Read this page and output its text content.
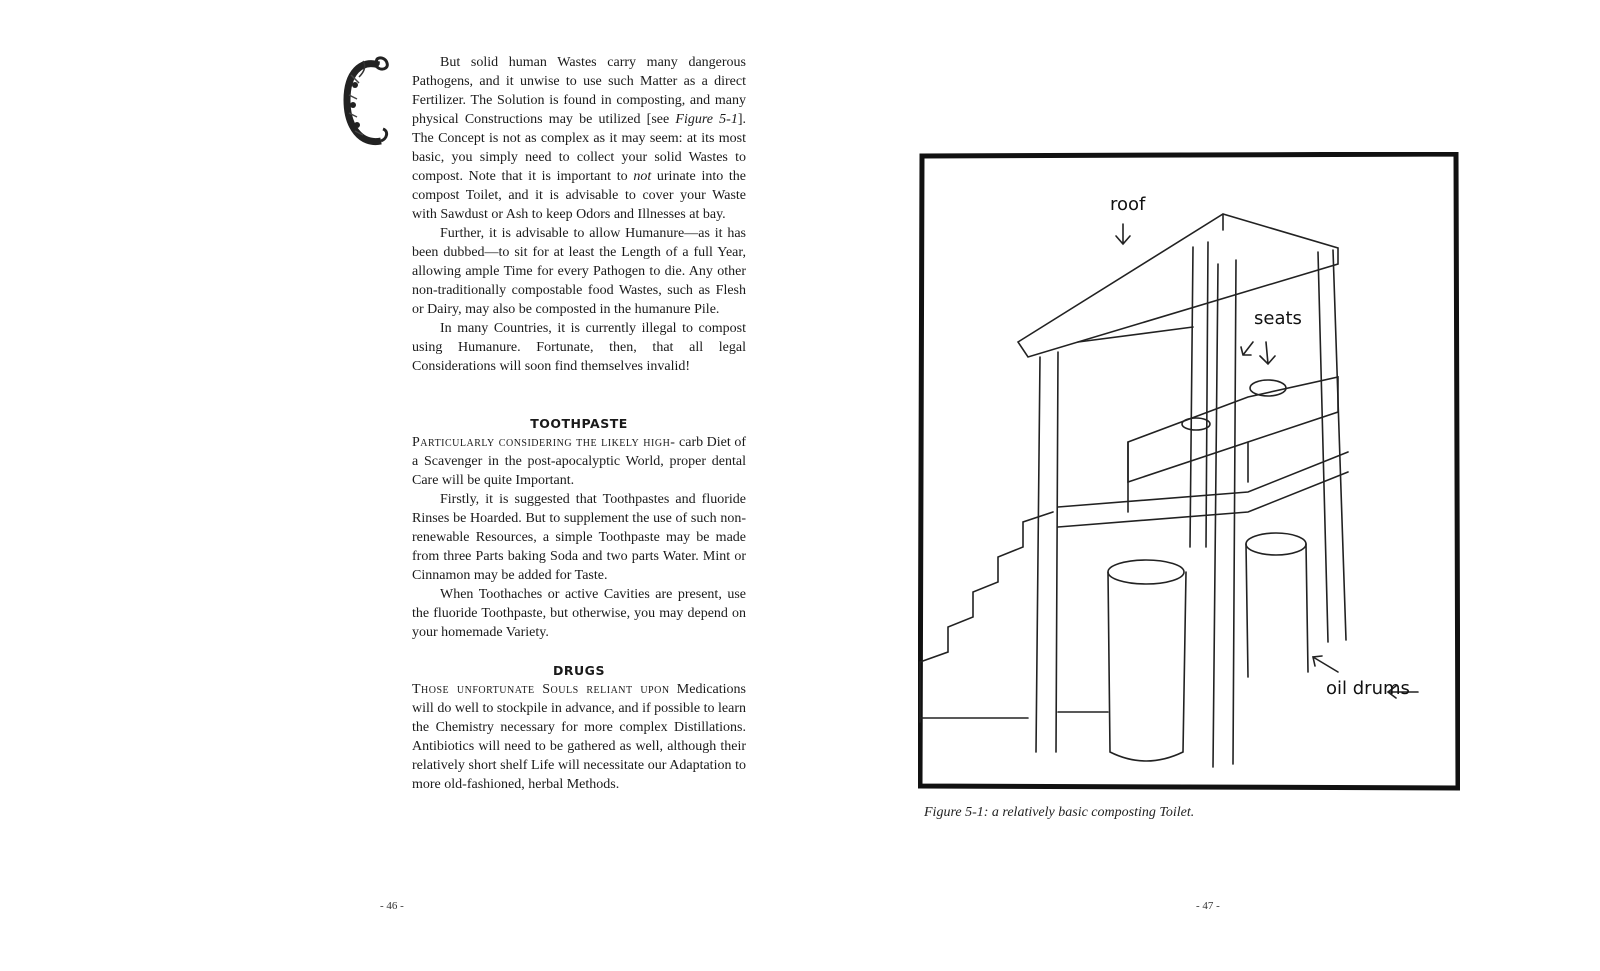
But solid human Wastes carry many dangerous Pathogens, and it unwise to use such Matter as a direct Fertilizer. The Solution is found in composting, and many physical Constructions may be utilized [see Figure 5-1]. The Concept is not as complex as it may seem: at its most basic, you simply need to collect your solid Wastes to compost. Note that it is important to not urinate into the compost Toilet, and it is advisable to cover your Waste with Sawdust or Ash to keep Odors and Illnesses at bay.

Further, it is advisable to allow Humanure—as it has been dubbed—to sit for at least the Length of a full Year, allowing ample Time for every Pathogen to die. Any other non-traditionally compostable food Wastes, such as Flesh or Dairy, may also be composted in the humanure Pile.

In many Countries, it is currently illegal to compost using Humanure. Fortunate, then, that all legal Considerations will soon find themselves invalid!

TOOTHPASTE

Particularly considering the likely high- carb Diet of a Scavenger in the post-apocalyptic World, proper dental Care will be quite Important.

Firstly, it is suggested that Toothpastes and fluoride Rinses be Hoarded. But to supplement the use of such non-renewable Resources, a simple Toothpaste may be made from three Parts baking Soda and two parts Water. Mint or Cinnamon may be added for Taste.

When Toothaches or active Cavities are present, use the fluoride Toothpaste, but otherwise, you may depend on your homemade Variety.

DRUGS

Those unfortunate Souls reliant upon Medications will do well to stockpile in advance, and if possible to learn the Chemistry necessary for more complex Distillations. Antibiotics will need to be gathered as well, although their relatively short shelf Life will necessitate our Adaptation to more old-fashioned, herbal Methods.

- 46 -
roof
seats
oil drums
Figure 5-1: a relatively basic composting Toilet.
- 47 -
